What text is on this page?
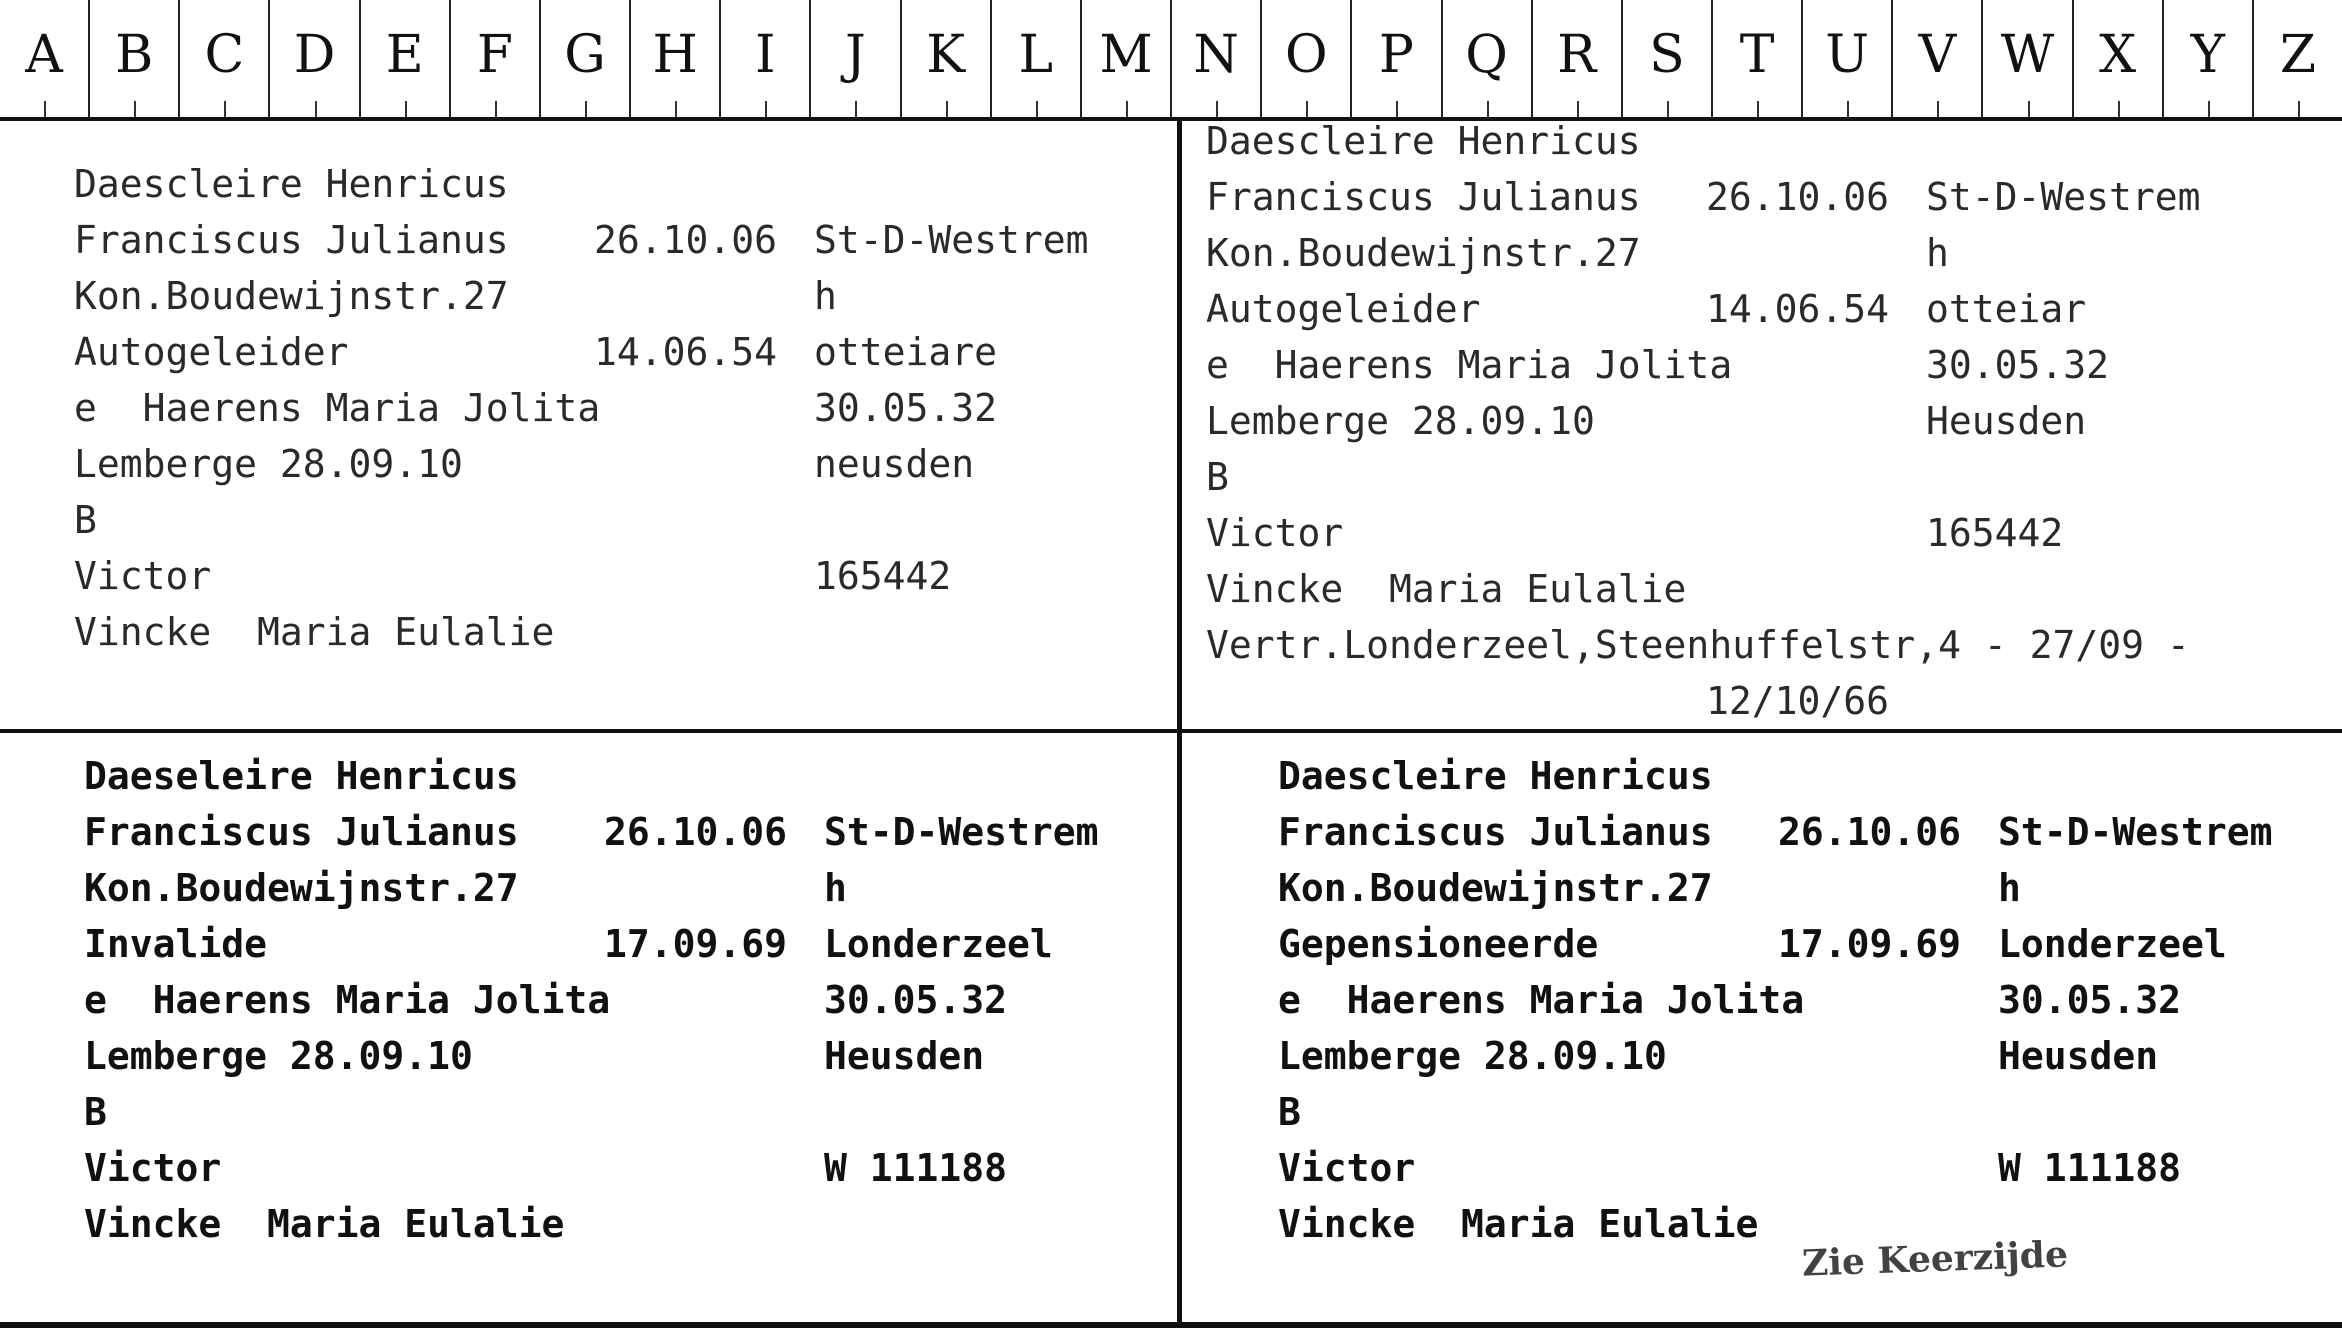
A	B C D E	F G H	I	J	K	L M N O P Q R	S	T U V W X	Y	Z
Daescleire Henricus
Franciscus Julianus 26.10.06 St-D-Westrem
Kon.Boudewijnstr.27	h
Autogeleider	14.06.54 otteiare
e  Haerens Maria Jolita	30.05.32
Lemberge 28.09.10	neusden
B
Victor	165442
Vincke  Maria Eulalie
Daescleire Henricus
Franciscus Julianus 26.10.06 St-D-Westrem
Kon.Boudewijnstr.27	h
Autogeleider	14.06.54 otteiar
e  Haerens Maria Jolita	30.05.32
Lemberge 28.09.10	Heusden
B
Victor	165442
Vincke  Maria Eulalie
Vertr.Londerzeel,Steenhuffelstr,4 - 27/09 -
12/10/66
Daeseleire Henricus
Franciscus Julianus 26.10.06 St-D-Westrem
Kon.Boudewijnstr.27	h
Invalide	17.09.69 Londerzeel
e  Haerens Maria Jolita	30.05.32
Lemberge 28.09.10	Heusden
B
Victor	W 111188
Vincke  Maria Eulalie
Daescleire Henricus
Franciscus Julianus 26.10.06 St-D-Westrem
Kon.Boudewijnstr.27	h
Gepensioneerde	17.09.69 Londerzeel
e  Haerens Maria Jolita	30.05.32
Lemberge 28.09.10	Heusden
B
Victor	W 111188
Vincke  Maria Eulalie
Zie Keerzijde
